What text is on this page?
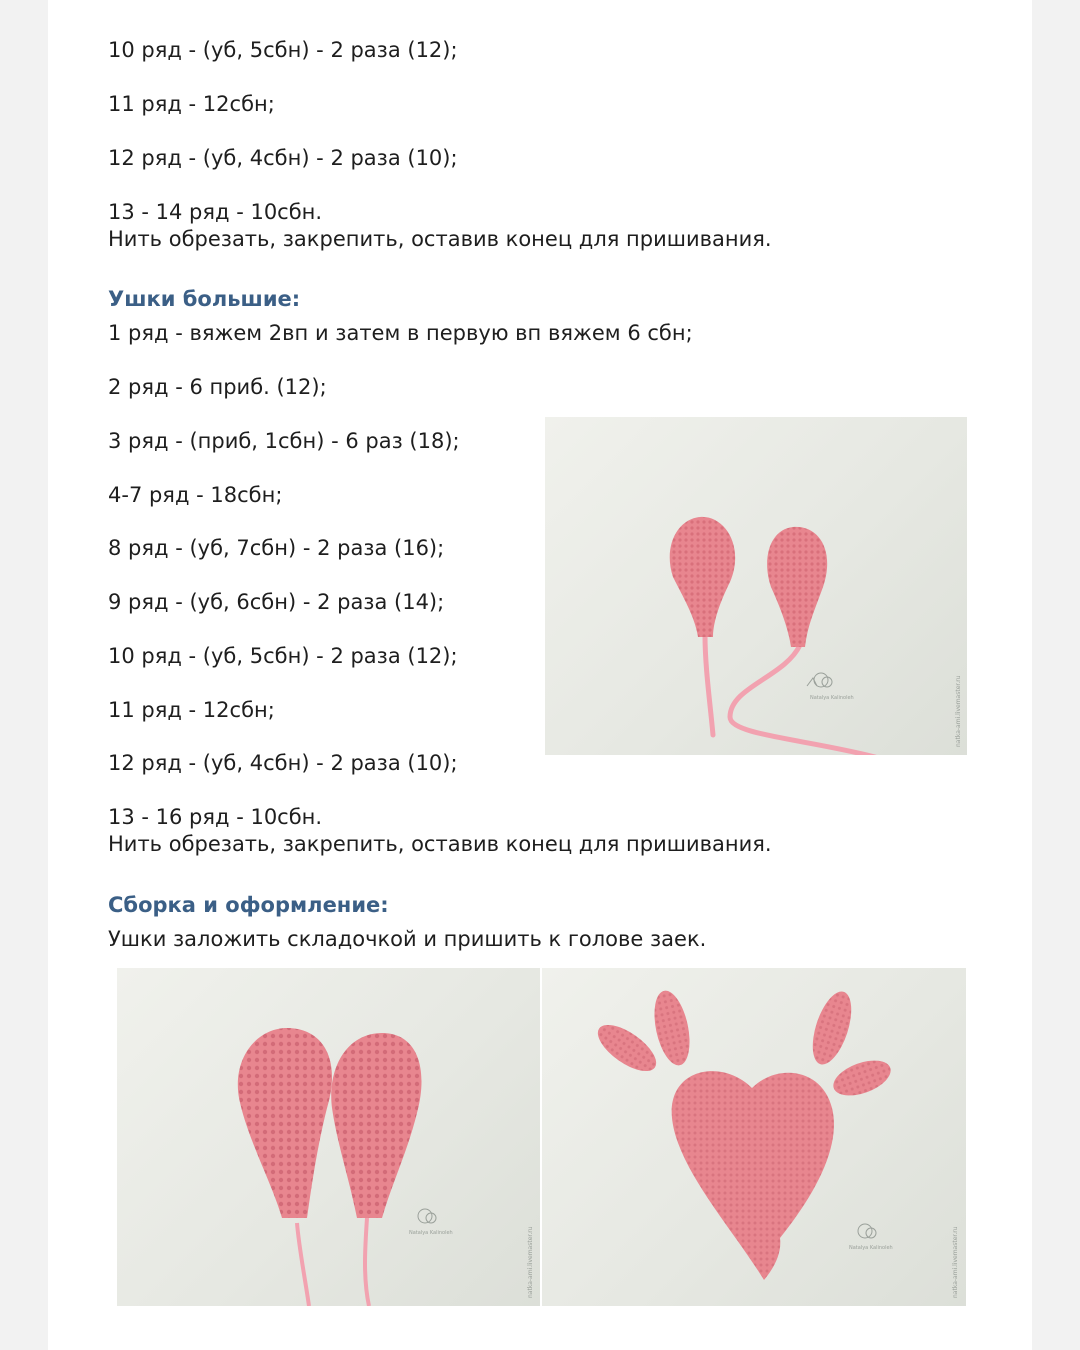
10 ряд - (уб, 5сбн) - 2 раза (12);
11 ряд - 12сбн;
12 ряд - (уб, 4сбн) - 2 раза (10);
13 - 14 ряд - 10сбн.
Нить обрезать, закрепить, оставив конец для пришивания.
Ушки большие:
1 ряд - вяжем 2вп и затем в первую вп вяжем 6 сбн;
2 ряд - 6 приб. (12);
3 ряд - (приб, 1сбн) - 6 раз (18);
4-7 ряд - 18сбн;
8 ряд - (уб, 7сбн) - 2 раза (16);
9 ряд - (уб, 6сбн) - 2 раза (14);
10 ряд - (уб, 5сбн) - 2 раза (12);
11 ряд - 12сбн;
12 ряд - (уб, 4сбн) - 2 раза (10);
13 - 16 ряд - 10сбн.
Нить обрезать, закрепить, оставив конец для пришивания.
Сборка и оформление:
Ушки заложить складочкой и пришить к голове заек.
Natalya Kalinoleh	natka-ami.livemaster.ru
Natalya Kalinoleh	natka-ami.livemaster.ru	Natalya Kalinoleh	natka-ami.livemaster.ru
